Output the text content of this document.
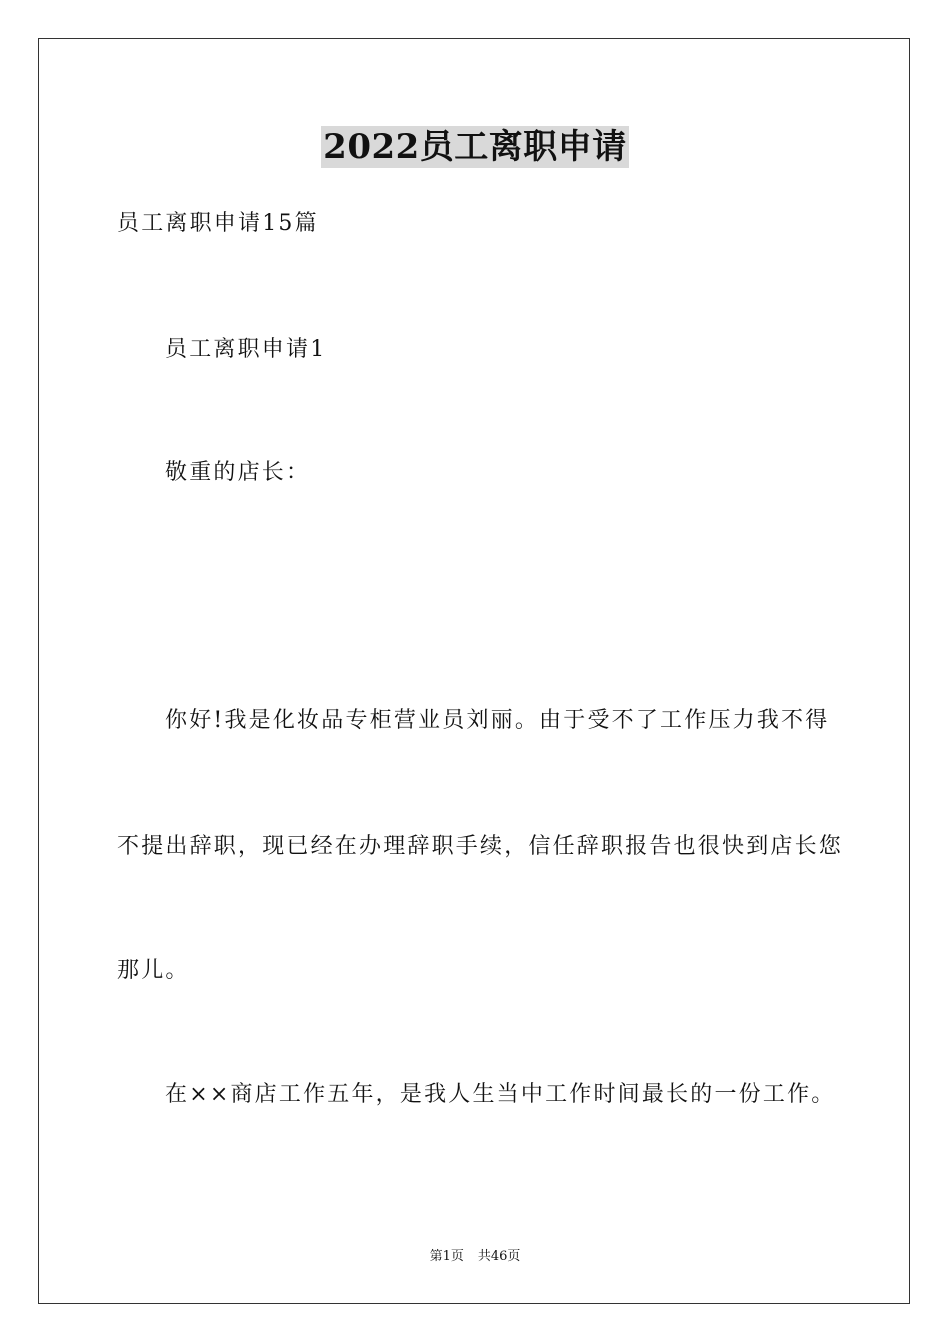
2022员工离职申请
员工离职申请15篇
员工离职申请1
敬重的店长：
你好!我是化妆品专柜营业员刘丽。由于受不了工作压力我不得
不提出辞职，现已经在办理辞职手续，信任辞职报告也很快到店长您
那儿。
在××商店工作五年，是我人生当中工作时间最长的一份工作。
第1页 共46页
